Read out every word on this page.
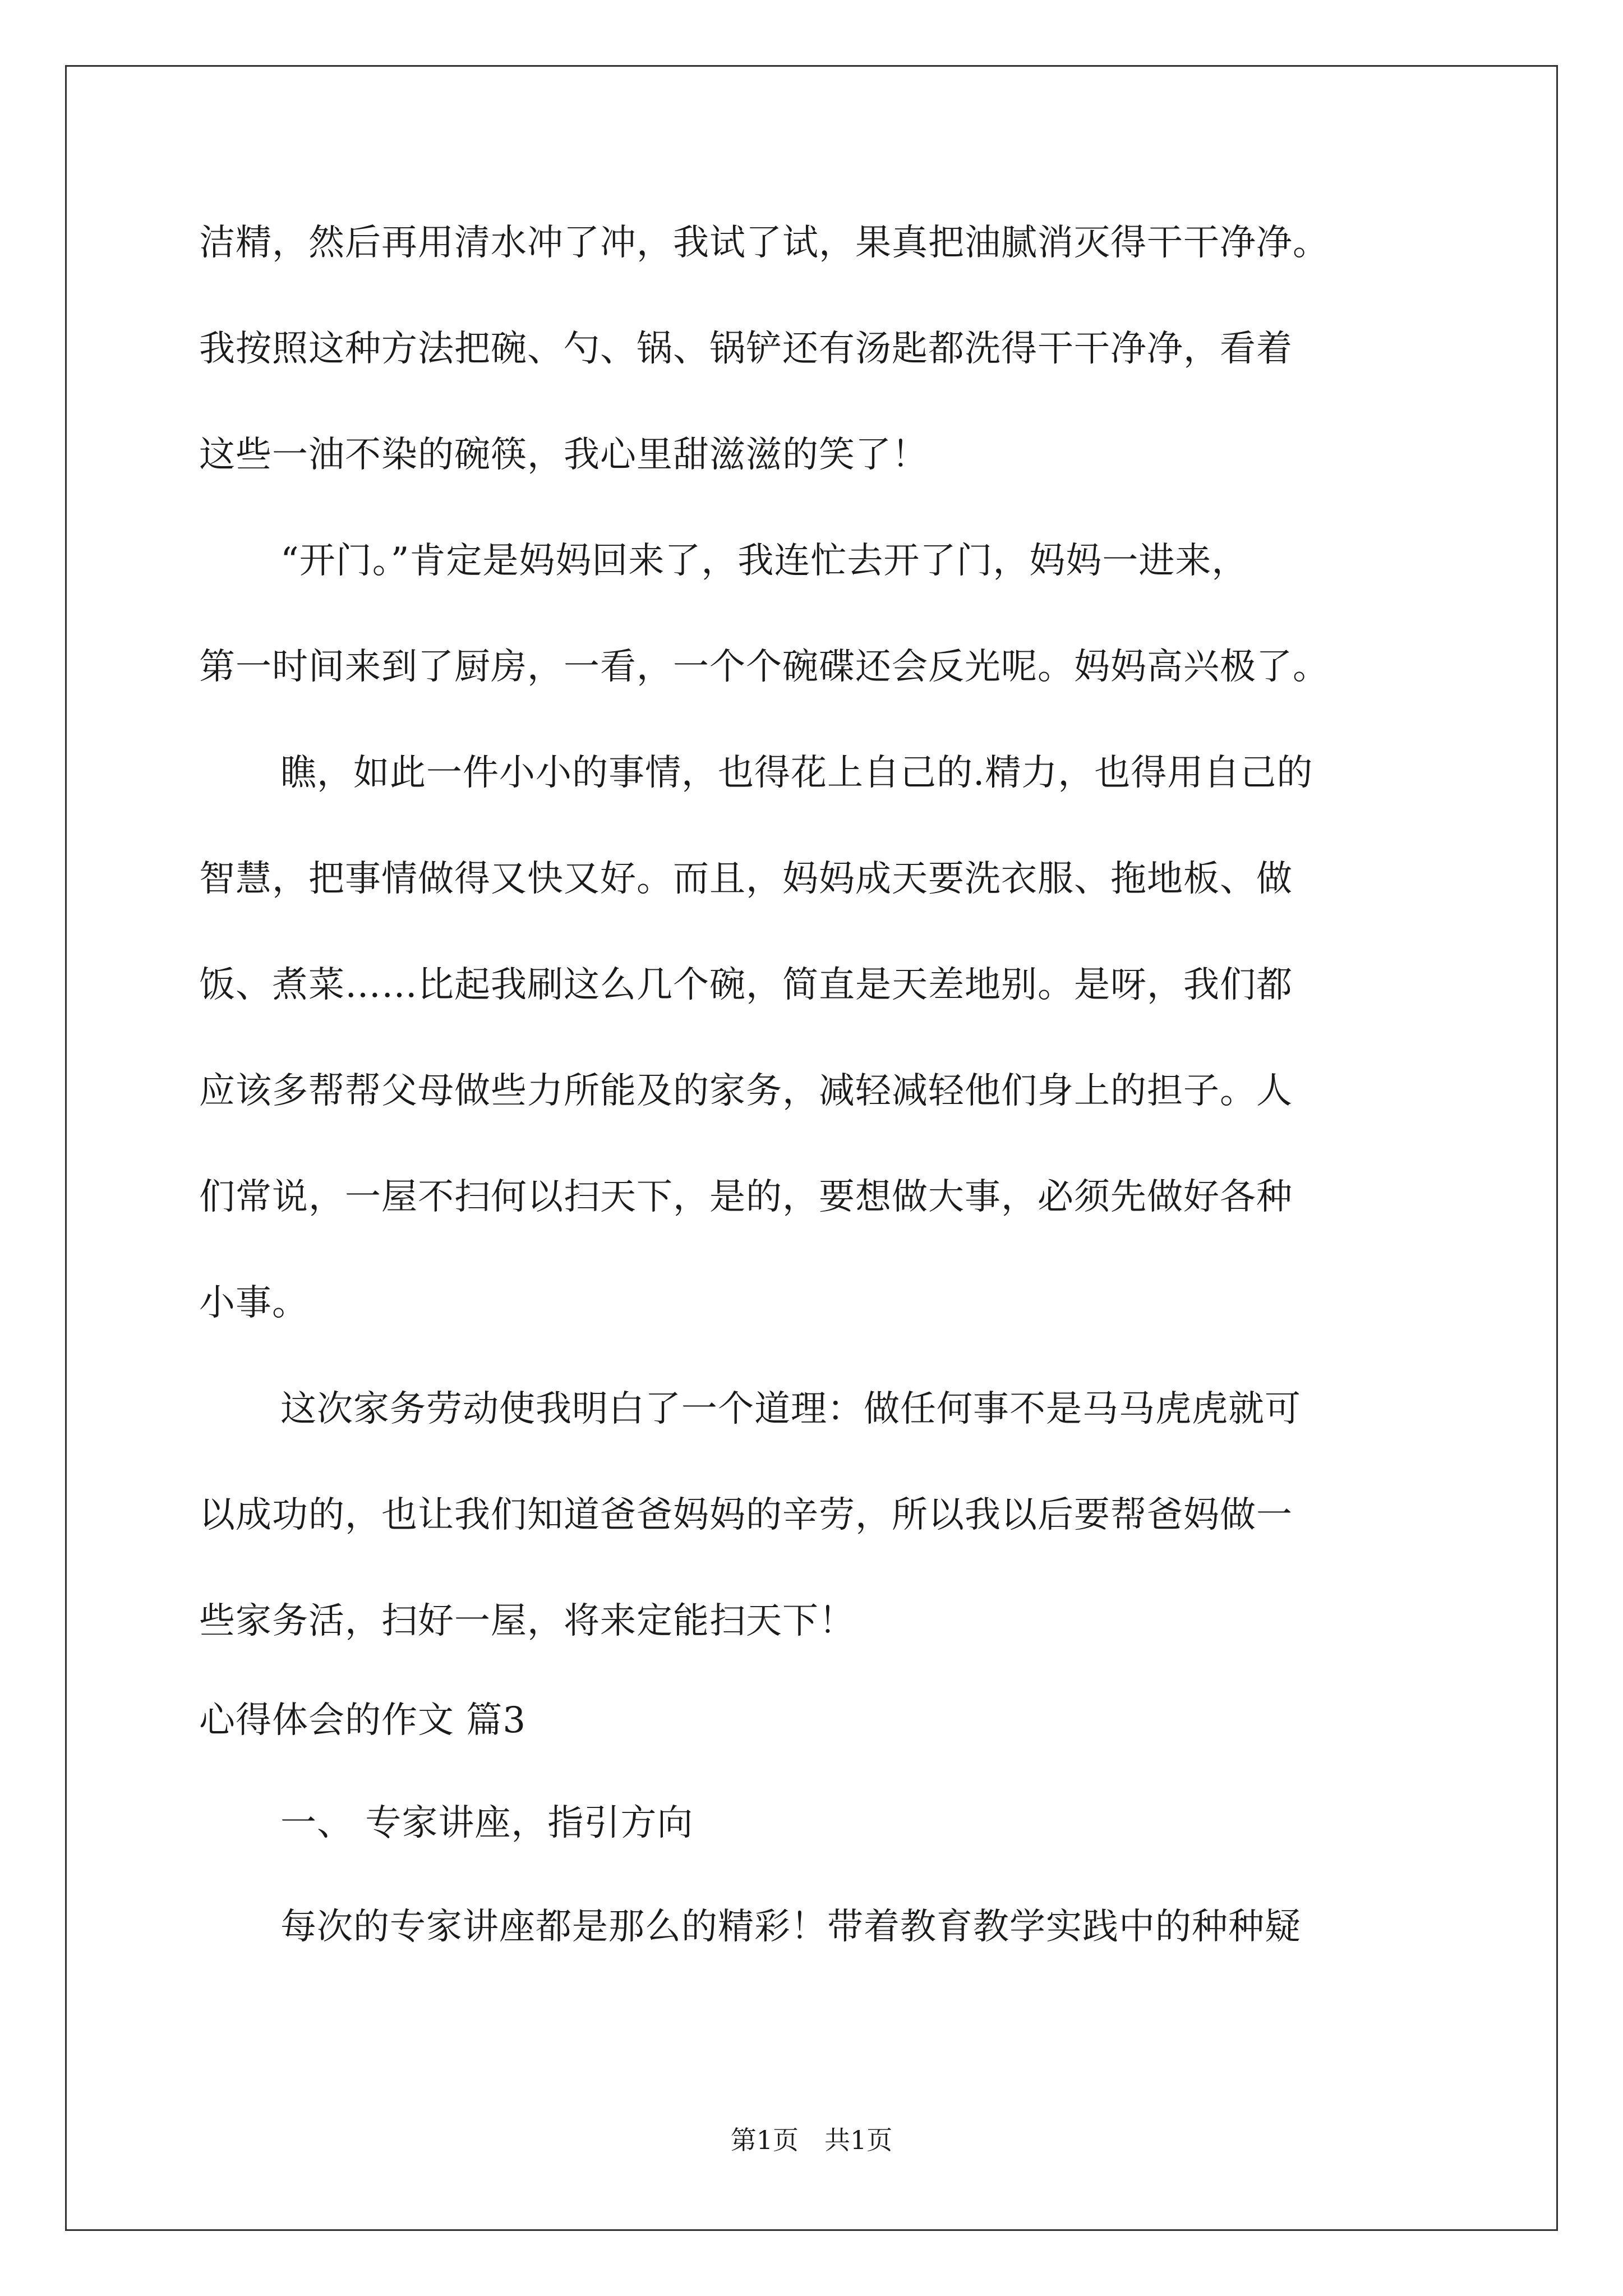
洁精，然后再用清水冲了冲，我试了试，果真把油腻消灭得干干净净。
我按照这种方法把碗、勺、锅、锅铲还有汤匙都洗得干干净净，看着
这些一油不染的碗筷，我心里甜滋滋的笑了！
“开门。”肯定是妈妈回来了，我连忙去开了门，妈妈一进来，
第一时间来到了厨房，一看，一个个碗碟还会反光呢。妈妈高兴极了。
瞧，如此一件小小的事情，也得花上自己的.精力，也得用自己的
智慧，把事情做得又快又好。而且，妈妈成天要洗衣服、拖地板、做
饭、煮菜……比起我刷这么几个碗，简直是天差地别。是呀，我们都
应该多帮帮父母做些力所能及的家务，减轻减轻他们身上的担子。人
们常说，一屋不扫何以扫天下，是的，要想做大事，必须先做好各种
小事。
这次家务劳动使我明白了一个道理：做任何事不是马马虎虎就可
以成功的，也让我们知道爸爸妈妈的辛劳，所以我以后要帮爸妈做一
些家务活，扫好一屋，将来定能扫天下！
心得体会的作文 篇3
一、 专家讲座，指引方向
每次的专家讲座都是那么的精彩！带着教育教学实践中的种种疑
第1页　共1页
